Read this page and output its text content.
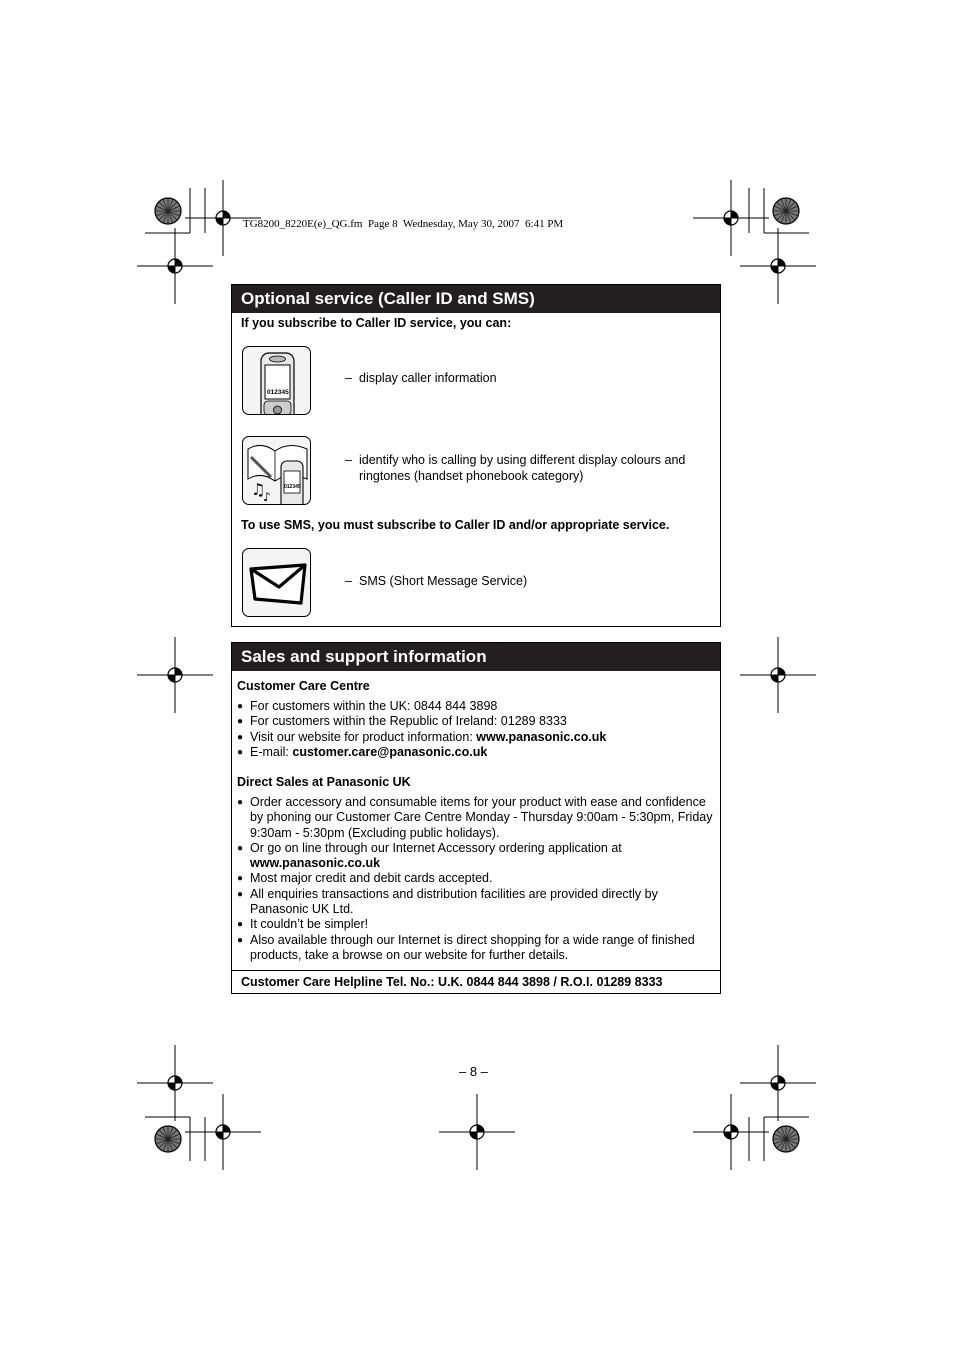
TG8200_8220E(e)_QG.fm  Page 8  Wednesday, May 30, 2007  6:41 PM
Optional service (Caller ID and SMS)
If you subscribe to Caller ID service, you can:
012345
– display caller information
♫
♪
012345
– identify who is calling by using different display colours and ringtones (handset phonebook category)
To use SMS, you must subscribe to Caller ID and/or appropriate service.
– SMS (Short Message Service)
Sales and support information
Customer Care Centre
● For customers within the UK: 0844 844 3898
● For customers within the Republic of Ireland: 01289 8333
● Visit our website for product information: www.panasonic.co.uk
● E-mail: customer.care@panasonic.co.uk
Direct Sales at Panasonic UK
● Order accessory and consumable items for your product with ease and confidence by phoning our Customer Care Centre Monday - Thursday 9:00am - 5:30pm, Friday 9:30am - 5:30pm (Excluding public holidays).
● Or go on line through our Internet Accessory ordering application at
www.panasonic.co.uk
● Most major credit and debit cards accepted.
● All enquiries transactions and distribution facilities are provided directly by Panasonic UK Ltd.
● It couldn’t be simpler!
● Also available through our Internet is direct shopping for a wide range of finished products, take a browse on our website for further details.
Customer Care Helpline Tel. No.: U.K. 0844 844 3898 / R.O.I. 01289 8333
– 8 –
